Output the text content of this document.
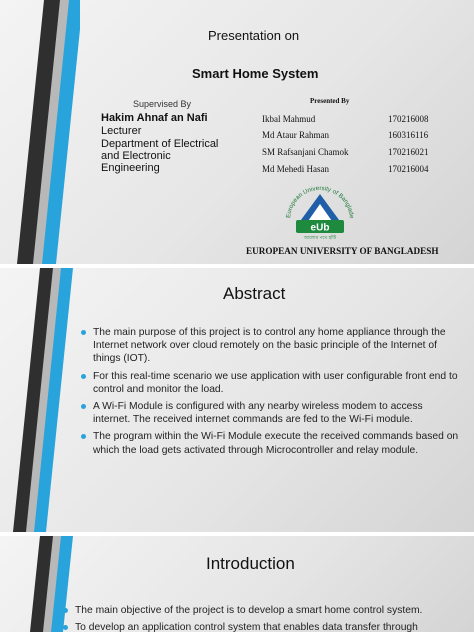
Presentation on
Smart Home System
Supervised By
Hakim Ahnaf an Nafi
Lecturer
Department of Electrical
and Electronic
Engineering
Presented By
Ikbal Mahmud	170216008
Md Ataur Rahman	160316116
SM Rafsanjani Chamok	170216021
Md Mehedi Hasan	170216004
European University of Banglade
eUb
আলোর পথে হাঁটি
EUROPEAN UNIVERSITY OF BANGLADESH
Abstract
The main purpose of this project is to control any home appliance through the Internet network over cloud remotely on the basic principle of the Internet of things (IOT).
For this real-time scenario we use application with user configurable front end to control and monitor the load.
A Wi-Fi Module is configured with any nearby wireless modem to access internet. The received internet commands are fed to the Wi-Fi module.
The program within the Wi-Fi Module execute the received commands based on which the load gets activated through Microcontroller and relay module.
Introduction
The main objective of the project is to develop a smart home control system.
To develop an application control system that enables data transfer through
